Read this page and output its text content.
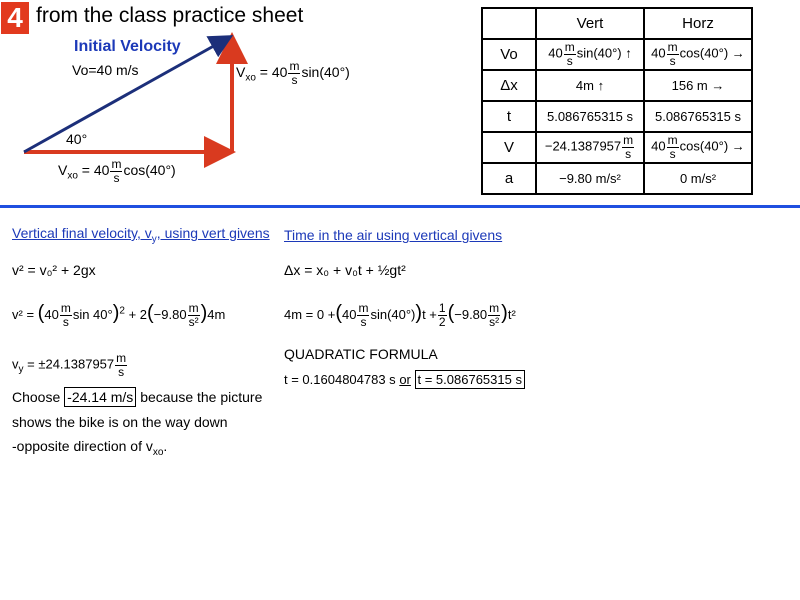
4 from the class practice sheet
Initial Velocity
Vo=40 m/s
40°
$V_{xo} = 40 \frac{m}{s} \sin(40^\circ)$
$V_{xo} = 40 \frac{m}{s} \cos(40^\circ)$
	Vert	Horz
Vo	$40 \frac{m}{s} \sin(40^\circ)$ ↑	$40 \frac{m}{s} \cos(40^\circ)$ →
Δx	4m ↑	156 m →
t	5.086765315 s	5.086765315 s
V	$-24.1387957 \frac{m}{s}$	$40 \frac{m}{s} \cos(40^\circ)$ →
a	−9.80 m/s²	0 m/s²
Vertical final velocity, $v_y$, using vert givens
v² = v₀² + 2gx
$v^2 = (40 \frac{m}{s}$ $\sin 40^\circ)^2 + 2(-9.80 \frac{m}{\text{s²}} )4m$
$v_y = \pm 24.1387957 \frac{m}{s}$
Choose -24.14 m/s because the picture
shows the bike is on the way down
-opposite direction of $v_{xo}$.
Time in the air using vertical givens
Δx = x₀ + v₀t + ½gt²
$4m = 0 +(40 \frac{m}{s} \sin(40^\circ))t + \frac{1}{2} (-9.80 \frac{m}{\text{s²}} )t^2$
QUADRATIC FORMULA
t = 0.1604804783 s or t = 5.086765315 s
